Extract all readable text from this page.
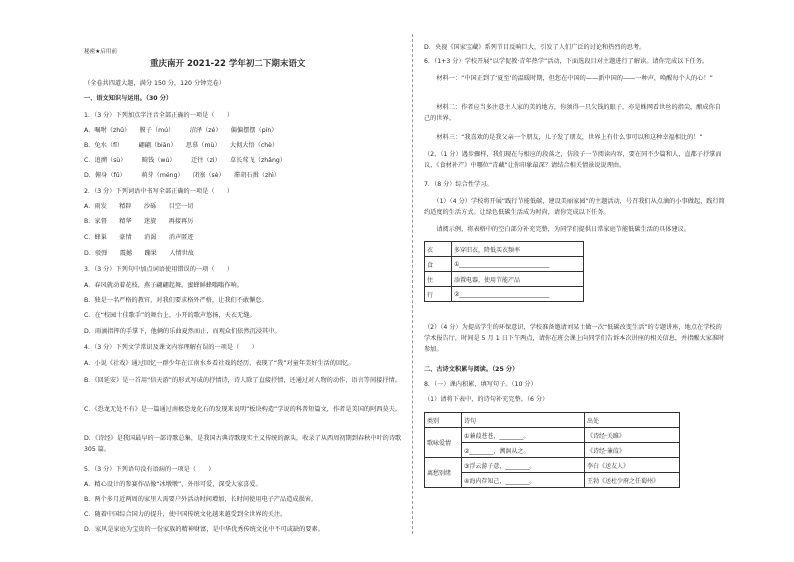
秘密★启用前
重庆南开 2021-22 学年初二下期末语文
（全卷共四道大题，满分 150 分，120 分钟完卷）
一、语文知识与运用。（30 分）
1．（3 分）下列加点字注音全部正确的一项是（　　）
A．嘱咐（zhǔ）　　膜子（mú）　　　沼泽（zé）　　偏偏摆摆（pín）
B．兔水（fǐ）　　　翩翩（biān）　　思慕（mù）　　大彻大悟（chè）
C．追溯（sù）　　　畸钱（wú）　　　迁往（zì）　　草长莺飞（zhǎng）
D．俯身（fǔ）　　　萌芽（méng）　　闭塞（sè）　　滞胡石揖（zhì）
2．（3 分）下列词语中书写全部正确的一项是（　　）
A．雨发　　精辟　　沙砾　　目空一切
B．家督　　精华　　迷旋　　再接再厉
C．蜂巢　　豪情　　消渴　　消声匿迹
D．驳弹　　震撼　　蹦果　　人情世故
3．（3 分）下列句中加点词语使用错误的一项（　　）
A．春风就动着花枝，燕子翩翩起舞，蜜蜂鲜蜂嗡嗡作响。
B．独是一名严格的教官，对我们要求格外严格，让我们不敢懈怠。
C．在“校园十佳歌手”的舞台上，小开的歌声悠扬，天衣无缝。
D．雨滴指挥的手掌下，他俩的乐曲夏然而止，而观众们依然沉浸其中。
4．（3 分）下列文学常识及课文内容理解有误的一项是（　　）
A．小说《社戏》通过回忆一群少年在江南水乡看社戏的经历，表现了“我”对童年美好生活的回忆。
B．《回延安》是一首用“信天游”的形式写成的抒情诗，诗人除了直接抒情，还通过对人物的动作、语言等间接抒情。
C．《恐龙无处不有》是一篇通过南极恐龙化石的发现来说明“板块构造”学说的科普短篇文，作者是美国的阿西莫夫。
D．《诗经》是我国最早的一部诗歌总集，是我国古典诗歌现实主义传统的源头，收录了从西周初期到春秋中叶的诗歌 305 篇。
5．（3 分）下列语句没有语病的一项是（　　）
A．精心设计的参赛作品像“冰墩墩”，外形可爱，深受大家喜爱。
B．两个多月近两周的家里人需要户外活动时间增加，长时间使用电子产品造成损害。
C．随着中国综合国力的提升，使中国传统文化越来越受到全世界的关注。
D．家风是家庭为宝贵的一份家族的精神财富，是中华优秀传统文化中不可或缺的要素。
D．央视《国家宝藏》系列节目反响巨大，引发了人们广泛的讨论和热烈的思考。
6．（1+3 分）学校开展“以学促教·青年热学”活动，下面选段目对主题进行了解读。请你完成以下任务。
　　材料一：“中国正到了‘夏至’的温暖时期，但您在中国的——新中国的——一种声，唤醒每个人的心！”
　　材料二：作者应当多注意主人家的美的地方，你须得一只欠钱的眼子，亦是蛛网看世丝的指尖，酿成你自己的世界。
　　材料三：“我喜欢的是我父亲一个朋友，儿子发了朋友，世界上有什么事可以和这种幸福相比的！”
（2，（1 分）遇步骤样，我们现在与相应的段落之，仿段子一节阅读内容，要在同不少篇和人，直都子抒掌而议，《食材补产》中哪位“青藏”让你印象最深？请结合相关情景说说理由。
7．（8 分）综合性学习。
　　（1）（4 分）学校将开展“践行节能低碳，建设美丽家园”的主题活动，号召我们从点滴的小事做起，践行简约适度的生活方式。让绿色低碳生活成为时尚，请你完成以下任务。
　　请阅示例，将表格中的空白部分补充完整，为同学们提供日常家庭节能低碳生活的具体建议。
衣	多穿旧衣，降低买衣频率
食	①______________________________
住	添置电器，使用节能产品
行	②______________________________
（2）（4 分）为提高学生的环保意识，学校准备邀请刘某士做一次“低碳改变生活”的专题讲座，地点在学校的学术报告厅，时间是 5 月 1 日下午两点，请你在班会课上向同学们告诉本次讲座的相关信息，并指醒大家准时参加。
二、古诗文积累与阅读。（25 分）
8．（一）课内积累，填写句子。（10 分）
（1）请将下表中，的诗句补充完整。（6 分）
类别	诗句	出处
歌咏爱情	①蒹葭苍苍，________。	《诗经·关雎》
	②________，溯洄从之。	《诗经·蒹葭》
离愁别绪	③浮云游子意，________。	李白《送友人》
	④海内存知己，________。	王勃《送杜少府之任蜀州》
